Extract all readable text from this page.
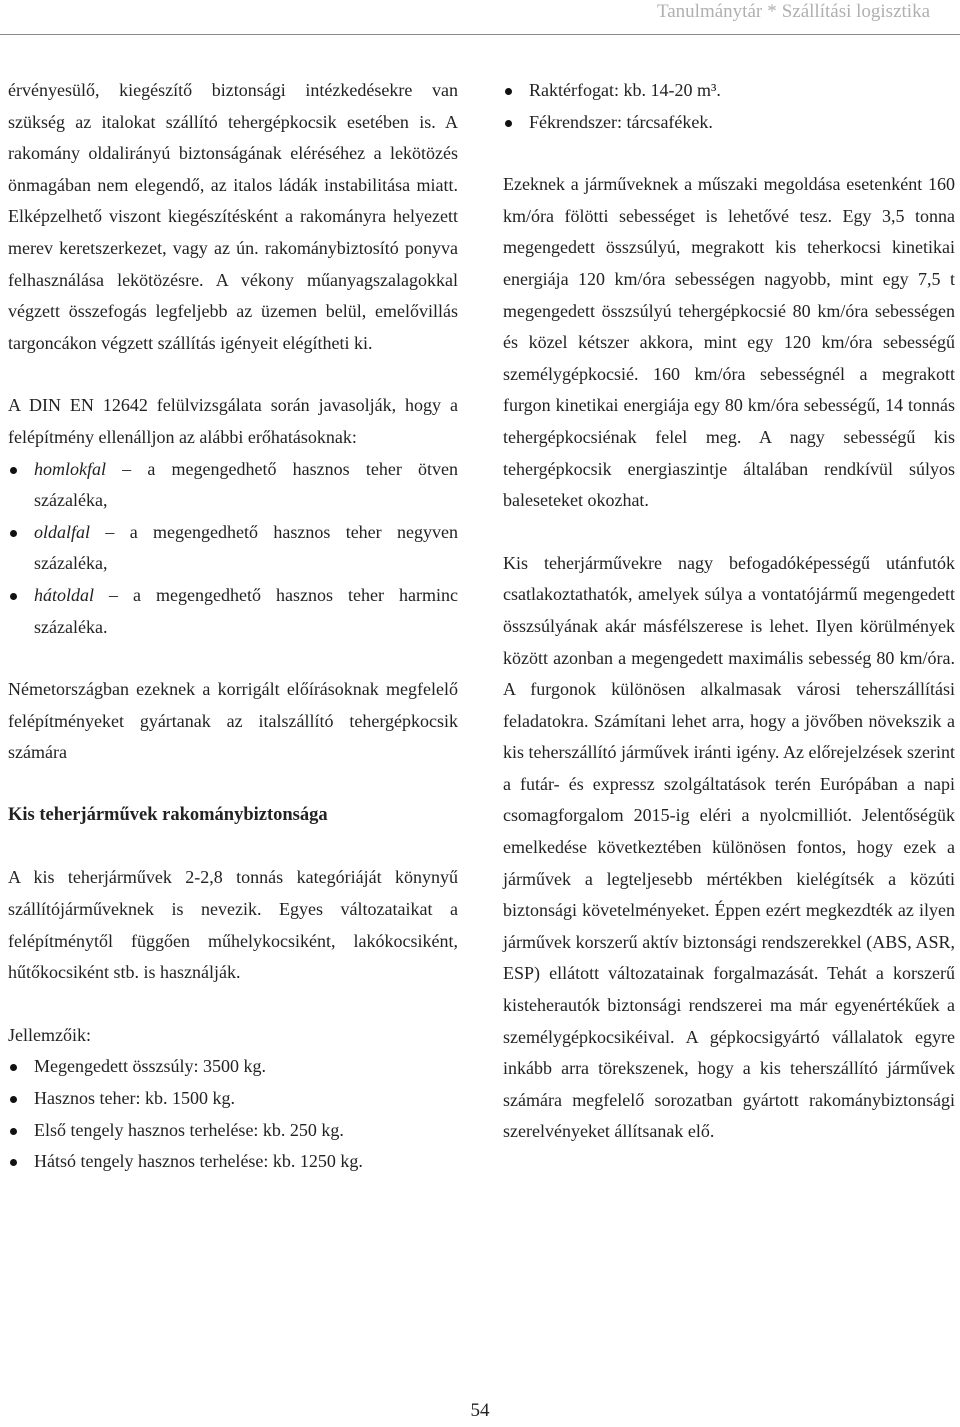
Tanulmánytár * Szállítási logisztika

érvényesülő, kiegészítő biztonsági intézkedésekre van szükség az italokat szállító tehergépkocsik esetében is. A rakomány oldalirányú biztonságának eléréséhez a lekötözés önmagában nem elegendő, az italos ládák instabilitása miatt. Elképzelhető viszont kiegészítésként a rakományra helyezett merev keretszerkezet, vagy az ún. rakománybiztosító ponyva felhasználása lekötözésre. A vékony műanyagszalagokkal végzett összefogás legfeljebb az üzemen belül, emelővillás targoncákon végzett szállítás igényeit elégítheti ki.

A DIN EN 12642 felülvizsgálata során javasolják, hogy a felépítmény ellenálljon az alábbi erőhatásoknak:

homlokfal – a megengedhető hasznos teher ötven százaléka,
oldalfal – a megengedhető hasznos teher negyven százaléka,
hátoldal – a megengedhető hasznos teher harminc százaléka.

Németországban ezeknek a korrigált előírásoknak megfelelő felépítményeket gyártanak az italszállító tehergépkocsik számára

Kis teherjárművek rakománybiztonsága

A kis teherjárművek 2-2,8 tonnás kategóriáját könynyű szállítójárműveknek is nevezik. Egyes változataikat a felépítménytől függően műhelykocsiként, lakókocsiként, hűtőkocsiként stb. is használják.

Jellemzőik:

Megengedett összsúly: 3500 kg.
Hasznos teher: kb. 1500 kg.
Első tengely hasznos terhelése: kb. 250 kg.
Hátsó tengely hasznos terhelése: kb. 1250 kg.
Raktérfogat: kb. 14-20 m³.
Fékrendszer: tárcsafékek.

Ezeknek a járműveknek a műszaki megoldása esetenként 160 km/óra fölötti sebességet is lehetővé tesz. Egy 3,5 tonna megengedett összsúlyú, megrakott kis teherkocsi kinetikai energiája 120 km/óra sebességen nagyobb, mint egy 7,5 t megengedett összsúlyú tehergépkocsié 80 km/óra sebességen és közel kétszer akkora, mint egy 120 km/óra sebességű személygépkocsié. 160 km/óra sebességnél a megrakott furgon kinetikai energiája egy 80 km/óra sebességű, 14 tonnás tehergépkocsiénak felel meg. A nagy sebességű kis tehergépkocsik energiaszintje általában rendkívül súlyos baleseteket okozhat.

Kis teherjárművekre nagy befogadóképességű utánfutók csatlakoztathatók, amelyek súlya a vontatójármű megengedett összsúlyának akár másfélszerese is lehet. Ilyen körülmények között azonban a megengedett maximális sebesség 80 km/óra. A furgonok különösen alkalmasak városi teherszállítási feladatokra. Számítani lehet arra, hogy a jövőben növekszik a kis teherszállító járművek iránti igény. Az előrejelzések szerint a futár- és expressz szolgáltatások terén Európában a napi csomagforgalom 2015-ig eléri a nyolcmilliót. Jelentőségük emelkedése következtében különösen fontos, hogy ezek a járművek a legteljesebb mértékben kielégítsék a közúti biztonsági követelményeket. Éppen ezért megkezdték az ilyen járművek korszerű aktív biztonsági rendszerekkel (ABS, ASR, ESP) ellátott változatainak forgalmazását. Tehát a korszerű kisteherautók biztonsági rendszerei ma már egyenértékűek a személygépkocsikéival. A gépkocsigyártó vállalatok egyre inkább arra törekszenek, hogy a kis teherszállító járművek számára megfelelő sorozatban gyártott rakománybiztonsági szerelvényeket állítsanak elő.

54
